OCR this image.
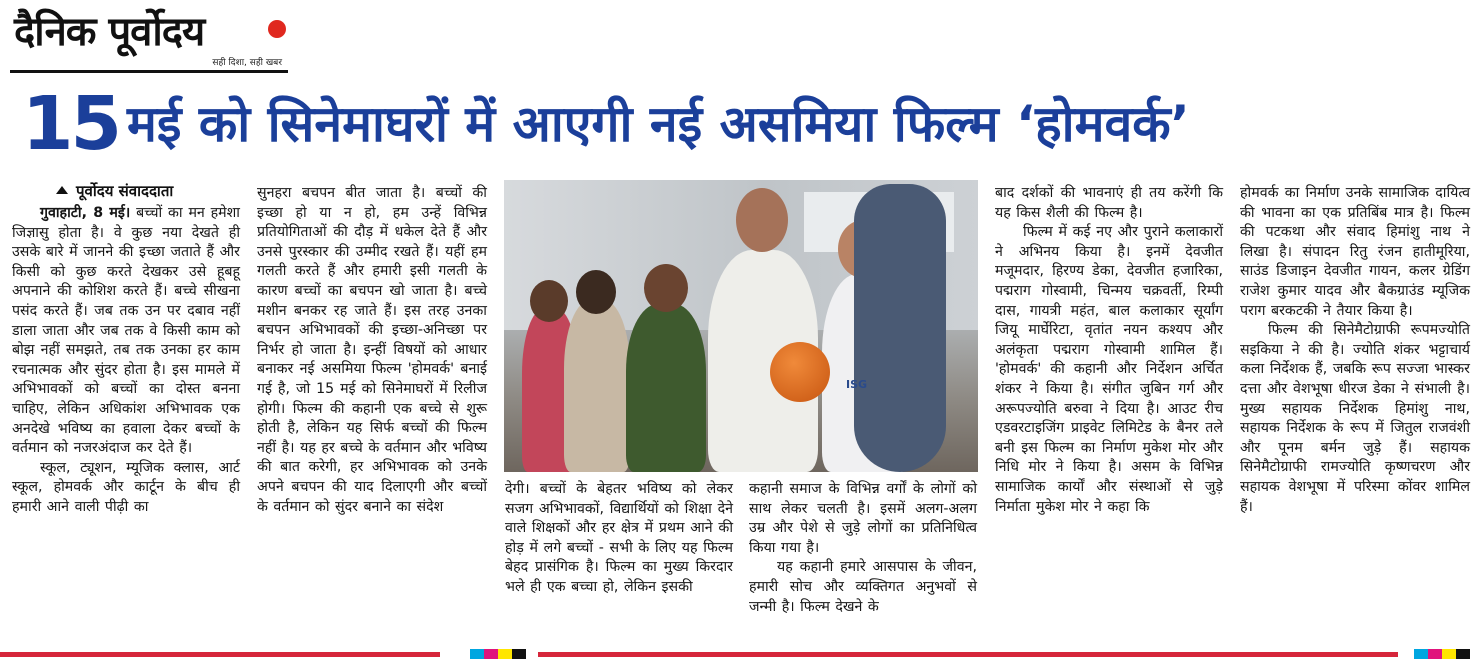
दैनिक पूर्वोदय
सही दिशा, सही खबर
15 मई को सिनेमाघरों में आएगी नई असमिया फिल्म ‘होमवर्क’
पूर्वोदय संवाददाता

गुवाहाटी, 8 मई। बच्चों का मन हमेशा जिज्ञासु होता है। वे कुछ नया देखते ही उसके बारे में जानने की इच्छा जताते हैं और किसी को कुछ करते देखकर उसे हूबहू अपनाने की कोशिश करते हैं। बच्चे सीखना पसंद करते हैं। जब तक उन पर दबाव नहीं डाला जाता और जब तक वे किसी काम को बोझ नहीं समझते, तब तक उनका हर काम रचनात्मक और सुंदर होता है। इस मामले में अभिभावकों को बच्चों का दोस्त बनना चाहिए, लेकिन अधिकांश अभिभावक एक अनदेखे भविष्य का हवाला देकर बच्चों के वर्तमान को नजरअंदाज कर देते हैं।

स्कूल, ट्यूशन, म्यूजिक क्लास, आर्ट स्कूल, होमवर्क और कार्टून के बीच ही हमारी आने वाली पीढ़ी का

सुनहरा बचपन बीत जाता है। बच्चों की इच्छा हो या न हो, हम उन्हें विभिन्न प्रतियोगिताओं की दौड़ में धकेल देते हैं और उनसे पुरस्कार की उम्मीद रखते हैं। यहीं हम गलती करते हैं और हमारी इसी गलती के कारण बच्चों का बचपन खो जाता है। बच्चे मशीन बनकर रह जाते हैं। इस तरह उनका बचपन अभिभावकों की इच्छा-अनिच्छा पर निर्भर हो जाता है। इन्हीं विषयों को आधार बनाकर नई असमिया फिल्म 'होमवर्क' बनाई गई है, जो 15 मई को सिनेमाघरों में रिलीज होगी। फिल्म की कहानी एक बच्चे से शुरू होती है, लेकिन यह सिर्फ बच्चों की फिल्म नहीं है। यह हर बच्चे के वर्तमान और भविष्य की बात करेगी, हर अभिभावक को उनके अपने बचपन की याद दिलाएगी और बच्चों के वर्तमान को सुंदर बनाने का संदेश

ISG

देगी। बच्चों के बेहतर भविष्य को लेकर सजग अभिभावकों, विद्यार्थियों को शिक्षा देने वाले शिक्षकों और हर क्षेत्र में प्रथम आने की होड़ में लगे बच्चों - सभी के लिए यह फिल्म बेहद प्रासंगिक है। फिल्म का मुख्य किरदार भले ही एक बच्चा हो, लेकिन इसकी

कहानी समाज के विभिन्न वर्गों के लोगों को साथ लेकर चलती है। इसमें अलग-अलग उम्र और पेशे से जुड़े लोगों का प्रतिनिधित्व किया गया है।

यह कहानी हमारे आसपास के जीवन, हमारी सोच और व्यक्तिगत अनुभवों से जन्मी है। फिल्म देखने के

बाद दर्शकों की भावनाएं ही तय करेंगी कि यह किस शैली की फिल्म है।

फिल्म में कई नए और पुराने कलाकारों ने अभिनय किया है। इनमें देवजीत मजूमदार, हिरण्य डेका, देवजीत हजारिका, पद्मराग गोस्वामी, चिन्मय चक्रवर्ती, रिम्पी दास, गायत्री महंत, बाल कलाकार सूर्यांग जियू मार्घेरिटा, वृतांत नयन कश्यप और अलंकृता पद्मराग गोस्वामी शामिल हैं। 'होमवर्क' की कहानी और निर्देशन अर्चित शंकर ने किया है। संगीत जुबिन गर्ग और अरूपज्योति बरुवा ने दिया है। आउट रीच एडवरटाइजिंग प्राइवेट लिमिटेड के बैनर तले बनी इस फिल्म का निर्माण मुकेश मोर और निधि मोर ने किया है। असम के विभिन्न सामाजिक कार्यों और संस्थाओं से जुड़े निर्माता मुकेश मोर ने कहा कि

होमवर्क का निर्माण उनके सामाजिक दायित्व की भावना का एक प्रतिबिंब मात्र है। फिल्म की पटकथा और संवाद हिमांशु नाथ ने लिखा है। संपादन रितु रंजन हातीमूरिया, साउंड डिजाइन देवजीत गायन, कलर ग्रेडिंग राजेश कुमार यादव और बैकग्राउंड म्यूजिक पराग बरकटकी ने तैयार किया है।

फिल्म की सिनेमैटोग्राफी रूपमज्योति सइकिया ने की है। ज्योति शंकर भट्टाचार्य कला निर्देशक हैं, जबकि रूप सज्जा भास्कर दत्ता और वेशभूषा धीरज डेका ने संभाली है। मुख्य सहायक निर्देशक हिमांशु नाथ, सहायक निर्देशक के रूप में जितुल राजवंशी और पूनम बर्मन जुड़े हैं। सहायक सिनेमैटोग्राफी रामज्योति कृष्णचरण और सहायक वेशभूषा में परिस्मा कोंवर शामिल हैं।
